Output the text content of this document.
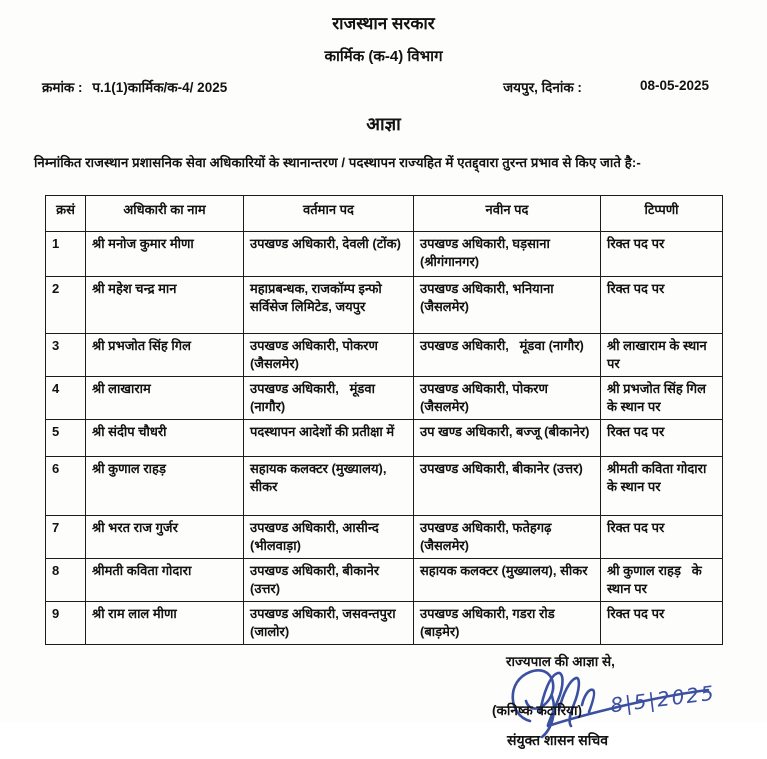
राजस्थान सरकार
कार्मिक (क-4) विभाग
क्रमांक : प.1(1)कार्मिक/क-4/ 2025	जयपुर, दिनांक :	08-05-2025
आज्ञा
निम्नांकित राजस्थान प्रशासनिक सेवा अधिकारियों के स्थानान्तरण / पदस्थापन राज्यहित में एतद्द्वारा तुरन्त प्रभाव से किए जाते है:-
क्रसं	अधिकारी का नाम	वर्तमान पद	नवीन पद	टिप्पणी
1	श्री मनोज कुमार मीणा	उपखण्ड अधिकारी, देवली (टोंक)	उपखण्ड अधिकारी, घड़साना (श्रीगंगानगर)	रिक्त पद पर
2	श्री महेश चन्द्र मान	महाप्रबन्धक, राजकॉम्प इन्फो सर्विसेज लिमिटेड, जयपुर	उपखण्ड अधिकारी, भनियाना (जैसलमेर)	रिक्त पद पर
3	श्री प्रभजोत सिंह गिल	उपखण्ड अधिकारी, पोकरण (जैसलमेर)	उपखण्ड अधिकारी,   मूंडवा (नागौर)	श्री लाखाराम के स्थान पर
4	श्री लाखाराम	उपखण्ड अधिकारी,   मूंडवा (नागौर)	उपखण्ड अधिकारी, पोकरण (जैसलमेर)	श्री प्रभजोत सिंह गिल के स्थान पर
5	श्री संदीप चौधरी	पदस्थापन आदेशों की प्रतीक्षा में	उप खण्ड अधिकारी, बज्जू (बीकानेर)	रिक्त पद पर
6	श्री कुणाल राहड़	सहायक कलक्टर (मुख्यालय), सीकर	उपखण्ड अधिकारी, बीकानेर (उत्तर)	श्रीमती कविता गोदारा के स्थान पर
7	श्री भरत राज गुर्जर	उपखण्ड अधिकारी, आसीन्द (भीलवाड़ा)	उपखण्ड अधिकारी, फतेहगढ़ (जैसलमेर)	रिक्त पद पर
8	श्रीमती कविता गोदारा	उपखण्ड अधिकारी, बीकानेर (उत्तर)	सहायक कलक्टर (मुख्यालय), सीकर	श्री कुणाल राहड़   के स्थान पर
9	श्री राम लाल मीणा	उपखण्ड अधिकारी, जसवन्तपुरा (जालोर)	उपखण्ड अधिकारी, गडरा रोड (बाड़मेर)	रिक्त पद पर
राज्यपाल की आज्ञा से,
(कनिष्क कटारिया) 8|5|2025
संयुक्त शासन सचिव
